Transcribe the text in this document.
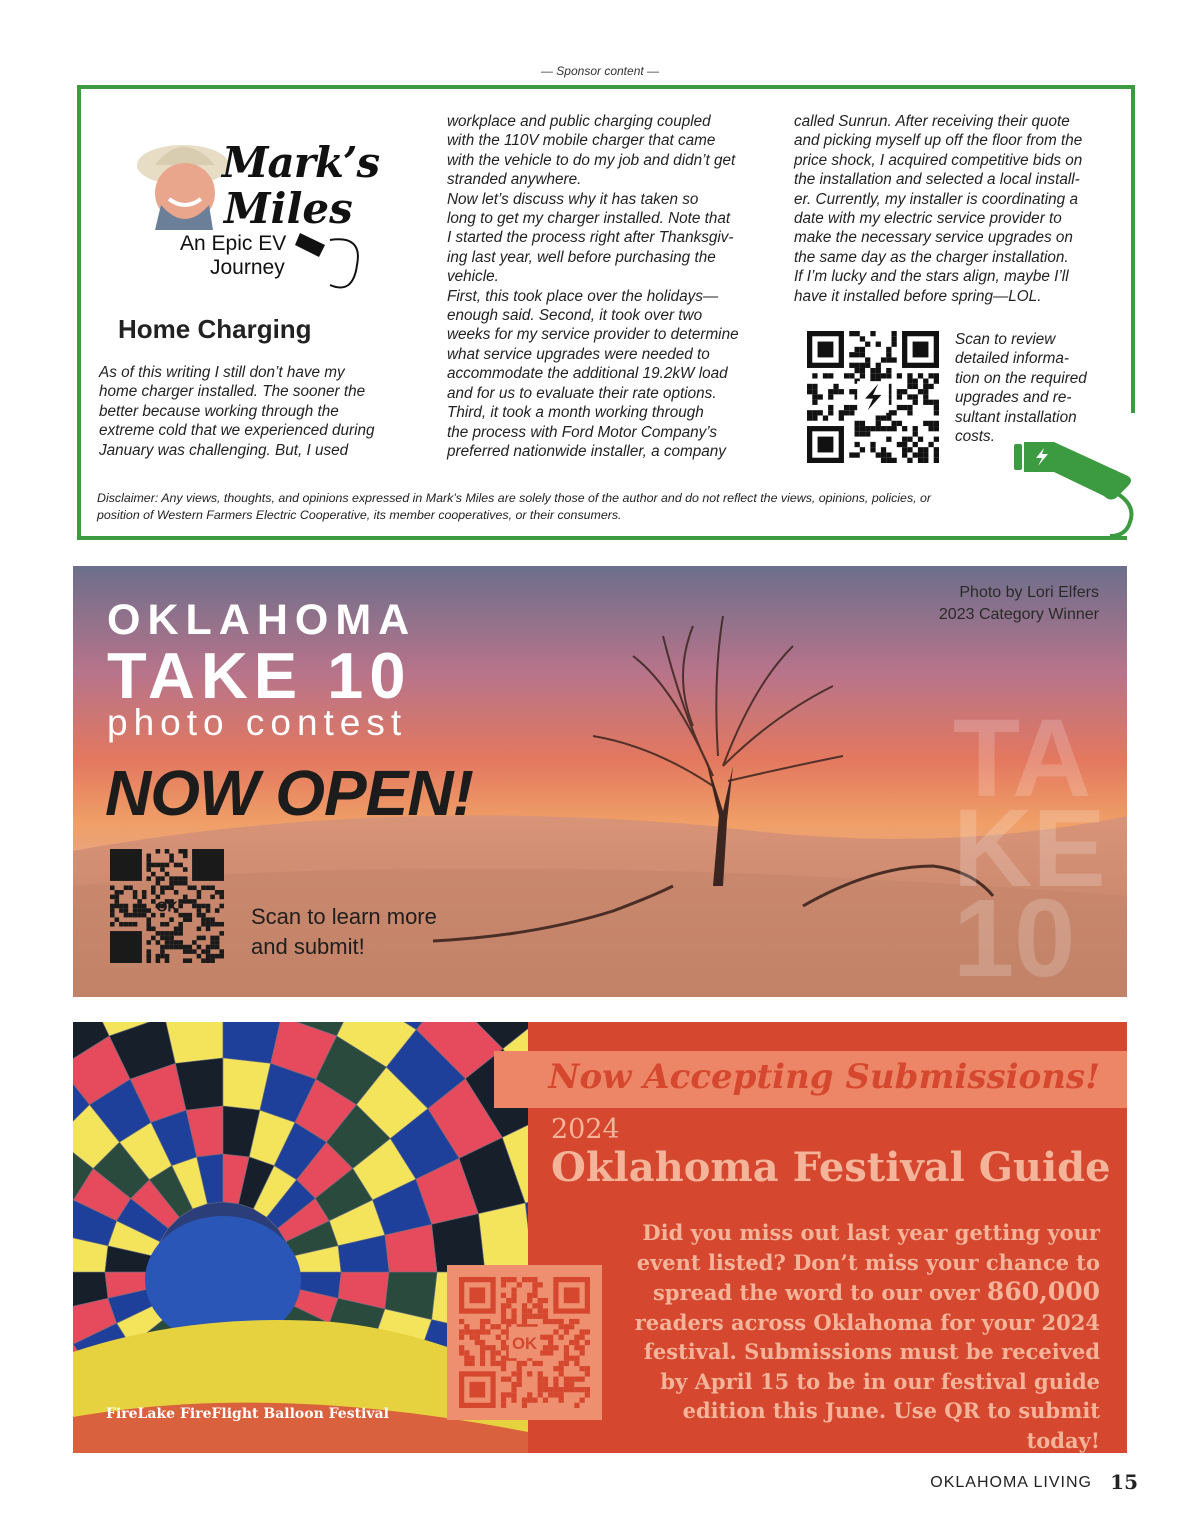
— Sponsor content —
Mark’s
Miles
An Epic EV
Journey
Home Charging

As of this writing I still don’t have my
home charger installed. The sooner the
better because working through the
extreme cold that we experienced during
January was challenging. But, I used

workplace and public charging coupled
with the 110V mobile charger that came
with the vehicle to do my job and didn’t get
stranded anywhere.
Now let’s discuss why it has taken so
long to get my charger installed. Note that
I started the process right after Thanksgiv-
ing last year, well before purchasing the
vehicle.
First, this took place over the holidays—
enough said. Second, it took over two
weeks for my service provider to determine
what service upgrades were needed to
accommodate the additional 19.2kW load
and for us to evaluate their rate options.
Third, it took a month working through
the process with Ford Motor Company’s
preferred nationwide installer, a company

called Sunrun. After receiving their quote
and picking myself up off the floor from the
price shock, I acquired competitive bids on
the installation and selected a local install-
er. Currently, my installer is coordinating a
date with my electric service provider to
make the necessary service upgrades on
the same day as the charger installation.
If I’m lucky and the stars align, maybe I’ll
have it installed before spring—LOL.

Scan to review
detailed informa-
tion on the required
upgrades and re-
sultant installation
costs.

Disclaimer: Any views, thoughts, and opinions expressed in Mark’s Miles are solely those of the author and do not reflect the views, opinions, policies, or position of Western Farmers Electric Cooperative, its member cooperatives, or their consumers.
TA
KE
10
OKLAHOMA
TAKE 10
photo contest
NOW OPEN!
OK	Scan to learn more
and submit!
Photo by Lori Elfers
2023 Category Winner
FireLake FireFlight Balloon Festival
Now Accepting Submissions!
2024
Oklahoma Festival Guide
Did you miss out last year getting your event listed? Don’t miss your chance to spread the word to our over 860,000 readers across Oklahoma for your 2024 festival. Submissions must be received by April 15 to be in our festival guide edition this June. Use QR to submit today!
OK
OKLAHOMA LIVING 15
